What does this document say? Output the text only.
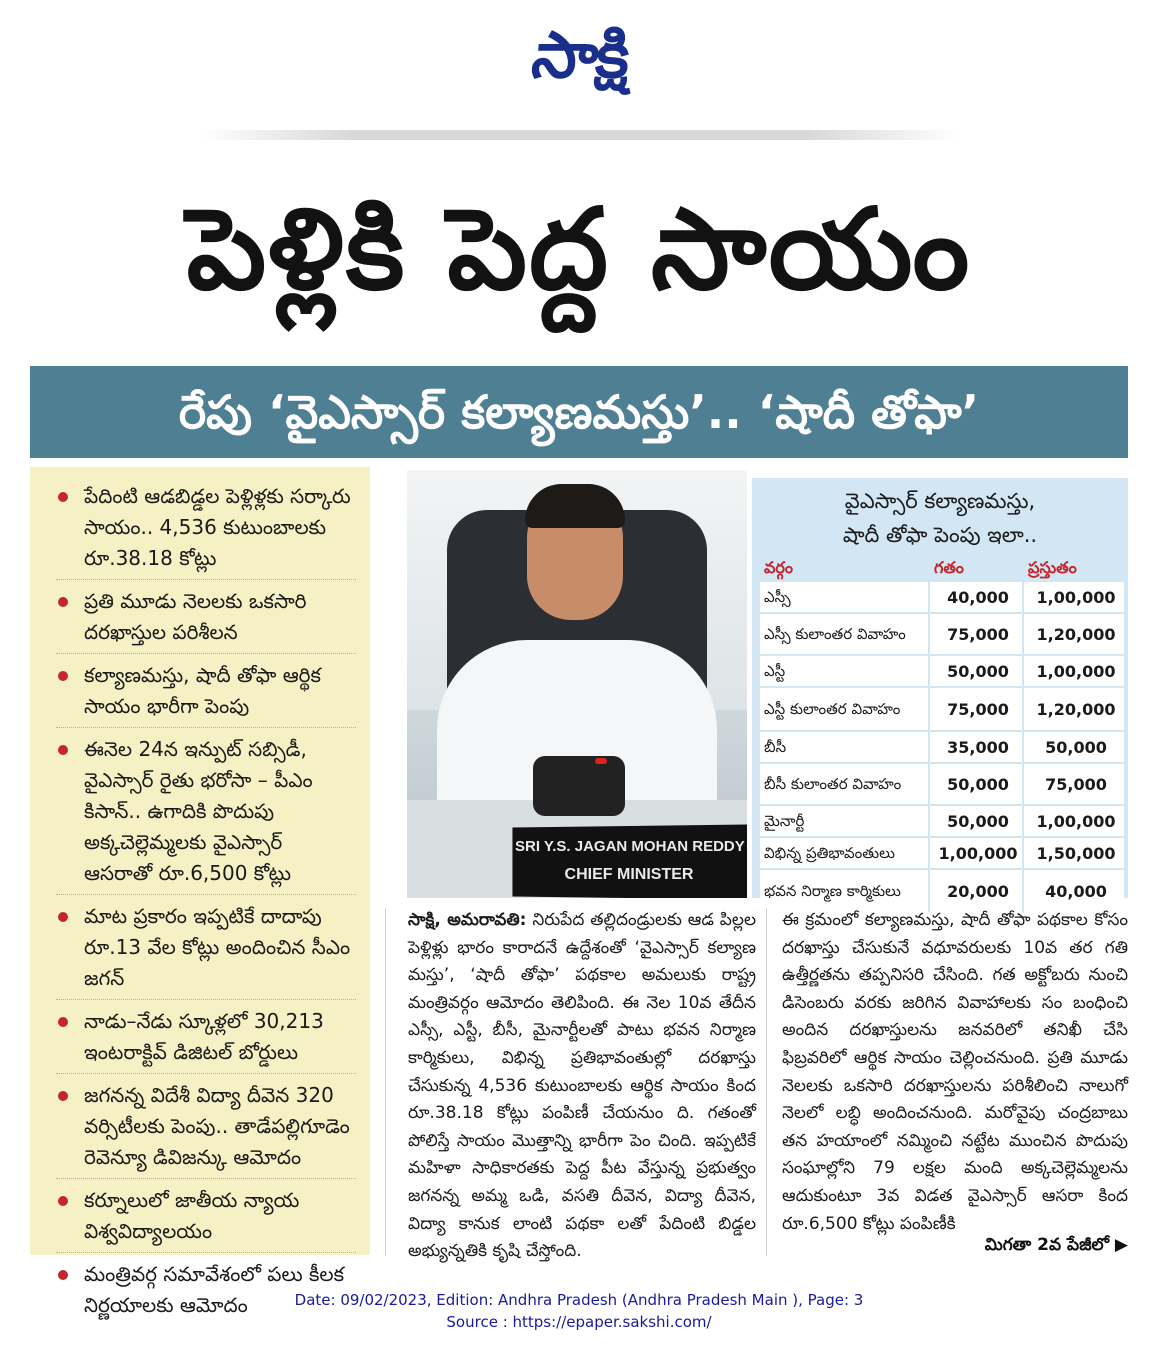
సాక్షి
పెళ్లికి పెద్ద సాయం
రేపు ‘వైఎస్సార్ కల్యాణమస్తు’.. ‘షాదీ తోఫా’
పేదింటి ఆడబిడ్డల పెళ్లిళ్లకు సర్కారు సాయం.. 4,536 కుటుంబాలకు రూ.38.18 కోట్లు
ప్రతి మూడు నెలలకు ఒకసారి దరఖాస్తుల పరిశీలన
కల్యాణమస్తు, షాదీ తోఫా ఆర్థిక సాయం భారీగా పెంపు
ఈనెల 24న ఇన్పుట్ సబ్సిడీ, వైఎస్సార్ రైతు భరోసా – పీఎం కిసాన్.. ఉగాదికి పొదుపు అక్కచెల్లెమ్మలకు వైఎస్సార్ ఆసరాతో రూ.6,500 కోట్లు
మాట ప్రకారం ఇప్పటికే దాదాపు రూ.13 వేల కోట్లు అందించిన సీఎం జగన్
నాడు–నేడు స్కూళ్లలో 30,213 ఇంటరాక్టివ్ డిజిటల్ బోర్డులు
జగనన్న విదేశీ విద్యా దీవెన 320 వర్సిటీలకు పెంపు.. తాడేపల్లిగూడెం రెవెన్యూ డివిజన్కు ఆమోదం
కర్నూలులో జాతీయ న్యాయ విశ్వవిద్యాలయం
మంత్రివర్గ సమావేశంలో పలు కీలక నిర్ణయాలకు ఆమోదం
SRI Y.S. JAGAN MOHAN REDDY
CHIEF MINISTER
వైఎస్సార్ కల్యాణమస్తు,
షాదీ తోఫా పెంపు ఇలా..
వర్గం	గతం	ప్రస్తుతం
ఎస్సీ	40,000	1,00,000
ఎస్సీ కులాంతర వివాహం	75,000	1,20,000
ఎస్టీ	50,000	1,00,000
ఎస్టీ కులాంతర వివాహం	75,000	1,20,000
బీసీ	35,000	50,000
బీసీ కులాంతర వివాహం	50,000	75,000
మైనార్టీ	50,000	1,00,000
విభిన్న ప్రతిభావంతులు	1,00,000	1,50,000
భవన నిర్మాణ కార్మికులు	20,000	40,000
సాక్షి, అమరావతి: నిరుపేద తల్లిదండ్రులకు ఆడ పిల్లల పెళ్లిళ్లు భారం కారాదనే ఉద్దేశంతో ‘వైఎస్సార్ కల్యాణ మస్తు’, ‘షాదీ తోఫా’ పథకాల అమలుకు రాష్ట్ర మంత్రివర్గం ఆమోదం తెలిపింది. ఈ నెల 10వ తేదీన ఎస్సీ, ఎస్టీ, బీసీ, మైనార్టీలతో పాటు భవన నిర్మాణ కార్మికులు, విభిన్న ప్రతిభావంతుల్లో దరఖాస్తు చేసుకున్న 4,536 కుటుంబాలకు ఆర్థిక సాయం కింద రూ.38.18 కోట్లు పంపిణీ చేయనుం ది. గతంతో పోలిస్తే సాయం మొత్తాన్ని భారీగా పెం చింది. ఇప్పటికే మహిళా సాధికారతకు పెద్ద పీట వేస్తున్న ప్రభుత్వం జగనన్న అమ్మ ఒడి, వసతి దీవెన, విద్యా దీవెన, విద్యా కానుక లాంటి పథకా లతో పేదింటి బిడ్డల అభ్యున్నతికి కృషి చేస్తోంది.
ఈ క్రమంలో కల్యాణమస్తు, షాదీ తోఫా పథకాల కోసం దరఖాస్తు చేసుకునే వధూవరులకు 10వ తర గతి ఉత్తీర్ణతను తప్పనిసరి చేసింది. గత అక్టోబరు నుంచి డిసెంబరు వరకు జరిగిన వివాహాలకు సం బంధించి అందిన దరఖాస్తులను జనవరిలో తనిఖీ చేసి ఫిబ్రవరిలో ఆర్థిక సాయం చెల్లించనుంది. ప్రతి మూడు నెలలకు ఒకసారి దరఖాస్తులను పరిశీలించి నాలుగో నెలలో లబ్ధి అందించనుంది. మరోవైపు చంద్రబాబు తన హయాంలో నమ్మించి నట్టేట ముంచిన పొదుపు సంఘాల్లోని 79 లక్షల మంది అక్కచెల్లెమ్మలను ఆదుకుంటూ 3వ విడత వైఎస్సార్ ఆసరా కింద రూ.6,500 కోట్లు పంపిణీకి
మిగతా 2వ పేజీలో ▶
Date: 09/02/2023, Edition: Andhra Pradesh (Andhra Pradesh Main ), Page: 3
Source : https://epaper.sakshi.com/
